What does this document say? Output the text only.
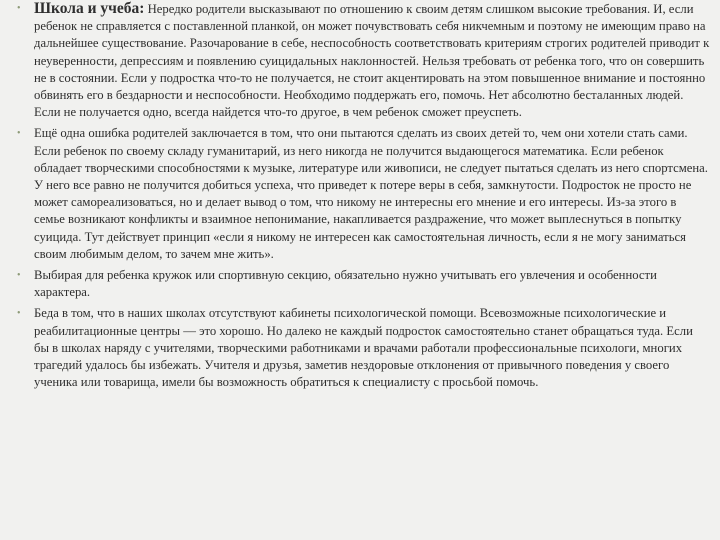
• Школа и учеба: Нередко родители высказывают по отношению к своим детям слишком высокие требования. И, если ребенок не справляется с поставленной планкой, он может почувствовать себя никчемным и поэтому не имеющим право на дальнейшее существование. Разочарование в себе, неспособность соответствовать критериям строгих родителей приводит к неуверенности, депрессиям и появлению суицидальных наклонностей. Нельзя требовать от ребенка того, что он совершить не в состоянии. Если у подростка что-то не получается, не стоит акцентировать на этом повышенное внимание и постоянно обвинять его в бездарности и неспособности. Необходимо поддержать его, помочь. Нет абсолютно бесталанных людей. Если не получается одно, всегда найдется что-то другое, в чем ребенок сможет преуспеть.
• Ещё одна ошибка родителей заключается в том, что они пытаются сделать из своих детей то, чем они хотели стать сами. Если ребенок по своему складу гуманитарий, из него никогда не получится выдающегося математика. Если ребенок обладает творческими способностями к музыке, литературе или живописи, не следует пытаться сделать из него спортсмена. У него все равно не получится добиться успеха, что приведет к потере веры в себя, замкнутости. Подросток не просто не может самореализоваться, но и делает вывод о том, что никому не интересны его мнение и его интересы. Из-за этого в семье возникают конфликты и взаимное непонимание, накапливается раздражение, что может выплеснуться в попытку суицида. Тут действует принцип «если я никому не интересен как самостоятельная личность, если я не могу заниматься своим любимым делом, то зачем мне жить».
• Выбирая для ребенка кружок или спортивную секцию, обязательно нужно учитывать его увлечения и особенности характера.
• Беда в том, что в наших школах отсутствуют кабинеты психологической помощи. Всевозможные психологические и реабилитационные центры — это хорошо. Но далеко не каждый подросток самостоятельно станет обращаться туда. Если бы в школах наряду с учителями, творческими работниками и врачами работали профессиональные психологи, многих трагедий удалось бы избежать. Учителя и друзья, заметив нездоровые отклонения от привычного поведения у своего ученика или товарища, имели бы возможность обратиться к специалисту с просьбой помочь.
